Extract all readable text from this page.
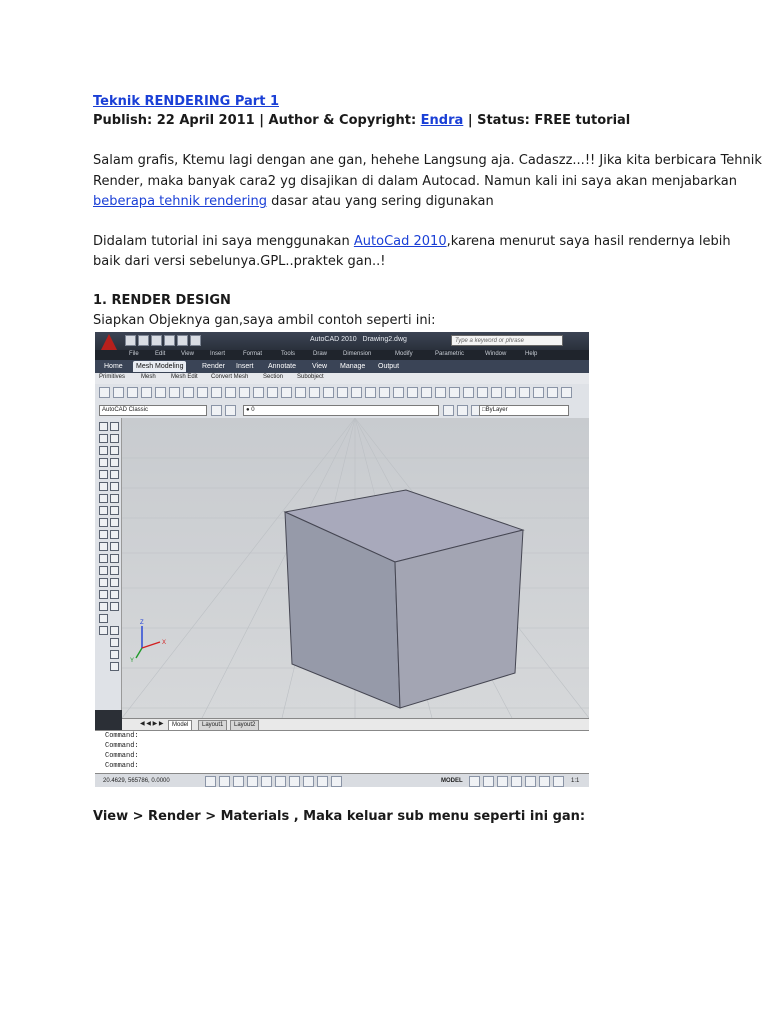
Teknik RENDERING Part 1
Publish: 22 April 2011 | Author & Copyright: Endra | Status: FREE tutorial
Salam grafis, Ktemu lagi dengan ane gan, hehehe Langsung aja. Cadaszz...!! Jika kita berbicara Tehnik
Render, maka banyak cara2 yg disajikan di dalam Autocad. Namun kali ini saya akan menjabarkan
beberapa tehnik rendering dasar atau yang sering digunakan
Didalam tutorial ini saya menggunakan AutoCad 2010,karena menurut saya hasil rendernya lebih
baik dari versi sebelunya.GPL..praktek gan..!
1. RENDER DESIGN
Siapkan Objeknya gan,saya ambil contoh seperti ini:
View > Render > Materials , Maka keluar sub menu seperti ini gan:
AutoCAD 2010 Drawing2.dwg	Type a keyword or phrase
File	Edit	View	Insert	Format	Tools	Draw	Dimension	Modify	Parametric	Window	Help
Home	Mesh Modeling	Render	Insert	Annotate	View	Manage	Output
Primitives	Mesh	Mesh Edit Convert Mesh Section Subobject
AutoCAD Classic	● 0	□ByLayer
Z
X
Y
◀ ◀ ▶ ▶	Model	Layout1	Layout2
Command:
Command:
Command:
Command:
20.4629, 565786, 0.0000	MODEL	1:1
